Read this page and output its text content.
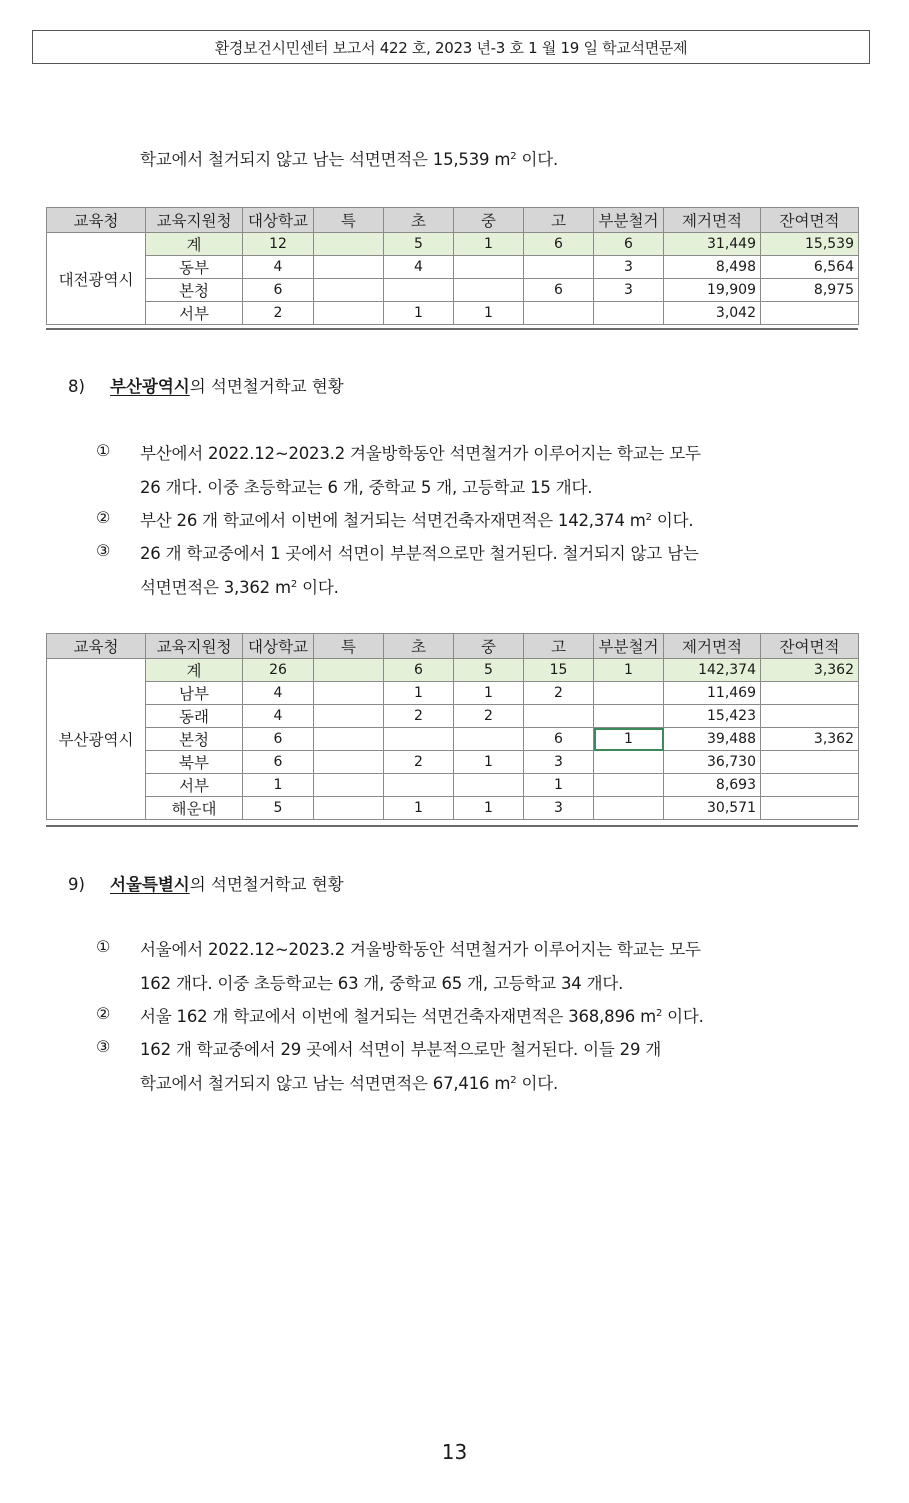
환경보건시민센터 보고서 422 호, 2023 년-3 호 1 월 19 일 학교석면문제
학교에서 철거되지 않고 남는 석면면적은 15,539 $m^2$ 이다.
교육청	교육지원청	대상학교	특	초	중	고	부분철거	제거면적	잔여면적
대전광역시	계	12		5	1	6	6	31,449	15,539
	동부	4		4			3	8,498	6,564
	본청	6				6	3	19,909	8,975
	서부	2		1	1			3,042	
8) 부산광역시의 석면철거학교 현황
① 부산에서 2022.12~2023.2 겨울방학동안 석면철거가 이루어지는 학교는 모두
26 개다. 이중 초등학교는 6 개, 중학교 5 개, 고등학교 15 개다.
② 부산 26 개 학교에서 이번에 철거되는 석면건축자재면적은 142,374 $m^2$ 이다.
③ 26 개 학교중에서 1 곳에서 석면이 부분적으로만 철거된다. 철거되지 않고 남는
석면면적은 3,362 $m^2$ 이다.
교육청	교육지원청	대상학교	특	초	중	고	부분철거	제거면적	잔여면적
부산광역시	계	26		6	5	15	1	142,374	3,362
	남부	4		1	1	2		11,469	
	동래	4		2	2			15,423	
	본청	6				6	1	39,488	3,362
	북부	6		2	1	3		36,730	
	서부	1				1		8,693	
	해운대	5		1	1	3		30,571	
9) 서울특별시의 석면철거학교 현황
① 서울에서 2022.12~2023.2 겨울방학동안 석면철거가 이루어지는 학교는 모두
162 개다. 이중 초등학교는 63 개, 중학교 65 개, 고등학교 34 개다.
② 서울 162 개 학교에서 이번에 철거되는 석면건축자재면적은 368,896 $m^2$ 이다.
③ 162 개 학교중에서 29 곳에서 석면이 부분적으로만 철거된다. 이들 29 개
학교에서 철거되지 않고 남는 석면면적은 67,416 $m^2$ 이다.
13
